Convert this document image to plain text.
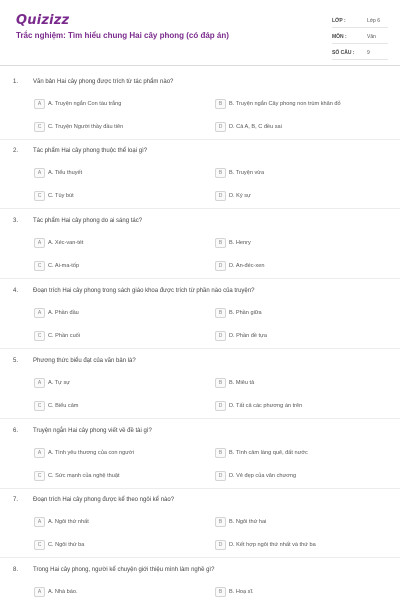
Quizizz
Trắc nghiệm: Tìm hiểu chung Hai cây phong (có đáp án)
LỚP :	Lớp 6
MÔN :	Văn
SỐ CÂU :	9
1.	Văn bản Hai cây phong được trích từ tác phẩm nào?
A	A. Truyện ngắn Con tàu trắng	B	B. Truyện ngắn Cây phong non trùm khăn đỏ
C	C. Truyện Người thầy đầu tiên	D	D. Cả A, B, C đều sai
2.	Tác phẩm Hai cây phong thuộc thể loại gì?
A	A. Tiểu thuyết	B	B. Truyện vừa
C	C. Tùy bút	D	D. Ký sự
3.	Tác phẩm Hai cây phong do ai sáng tác?
A	A. Xéc-van-tét	B	B. Henry
C	C. Ai-ma-tốp	D	D. An-đéc-xen
4.	Đoạn trích Hai cây phong trong sách giáo khoa được trích từ phần nào của truyện?
A	A. Phần đầu	B	B. Phần giữa
C	C. Phần cuối	D	D. Phần đề tựa
5.	Phương thức biểu đạt của văn bản là?
A	A. Tự sự	B	B. Miêu tả
C	C. Biểu cảm	D	D. Tất cả các phương án trên
6.	Truyện ngắn Hai cây phong viết về đề tài gì?
A	A. Tình yêu thương của con người	B	B. Tình cảm làng quê, đất nước
C	C. Sức mạnh của nghệ thuật	D	D. Vẻ đẹp của văn chương
7.	Đoạn trích Hai cây phong được kể theo ngôi kể nào?
A	A. Ngôi thứ nhất	B	B. Ngôi thứ hai
C	C. Ngôi thứ ba	D	D. Kết hợp ngôi thứ nhất và thứ ba
8.	Trong Hai cây phong, người kể chuyện giới thiệu mình làm nghề gì?
A	A. Nhà báo.	B	B. Hoạ sĩ.
